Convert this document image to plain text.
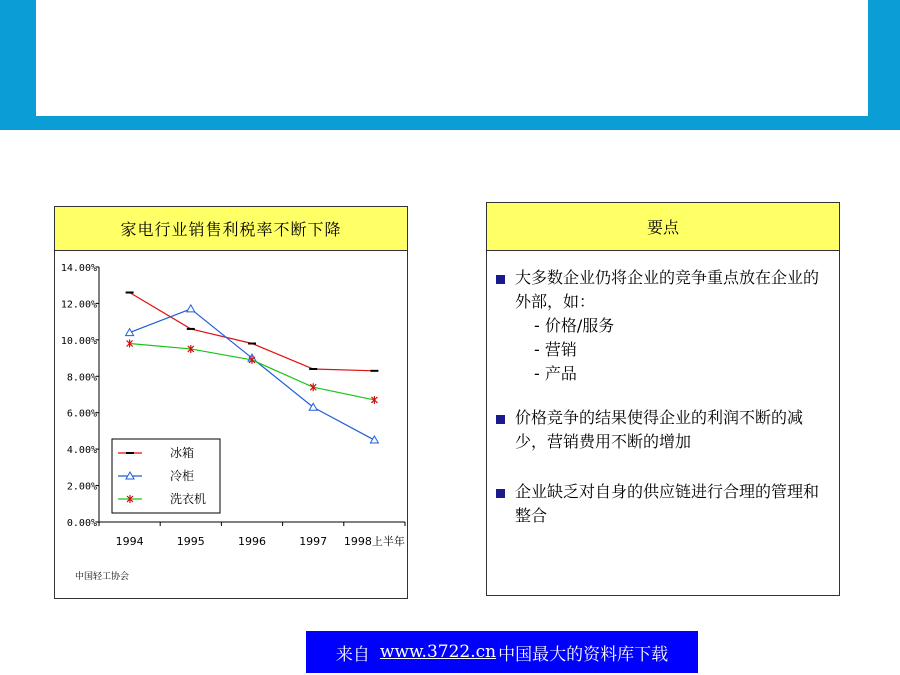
14.00%
12.00%
10.00%
8.00%
6.00%
4.00%
2.00%
0.00%
1994	1995	1996	1997 1998上半年
冰箱
冷柜
洗衣机
家电行业销售利税率不断下降
中国轻工协会
要点
大多数企业仍将企业的竞争重点放在企业的外部，如：
- 价格/服务
- 营销
- 产品
价格竞争的结果使得企业的利润不断的减少，营销费用不断的增加
企业缺乏对自身的供应链进行合理的管理和整合
来自 www.3722.cn 中国最大的资料库下载
